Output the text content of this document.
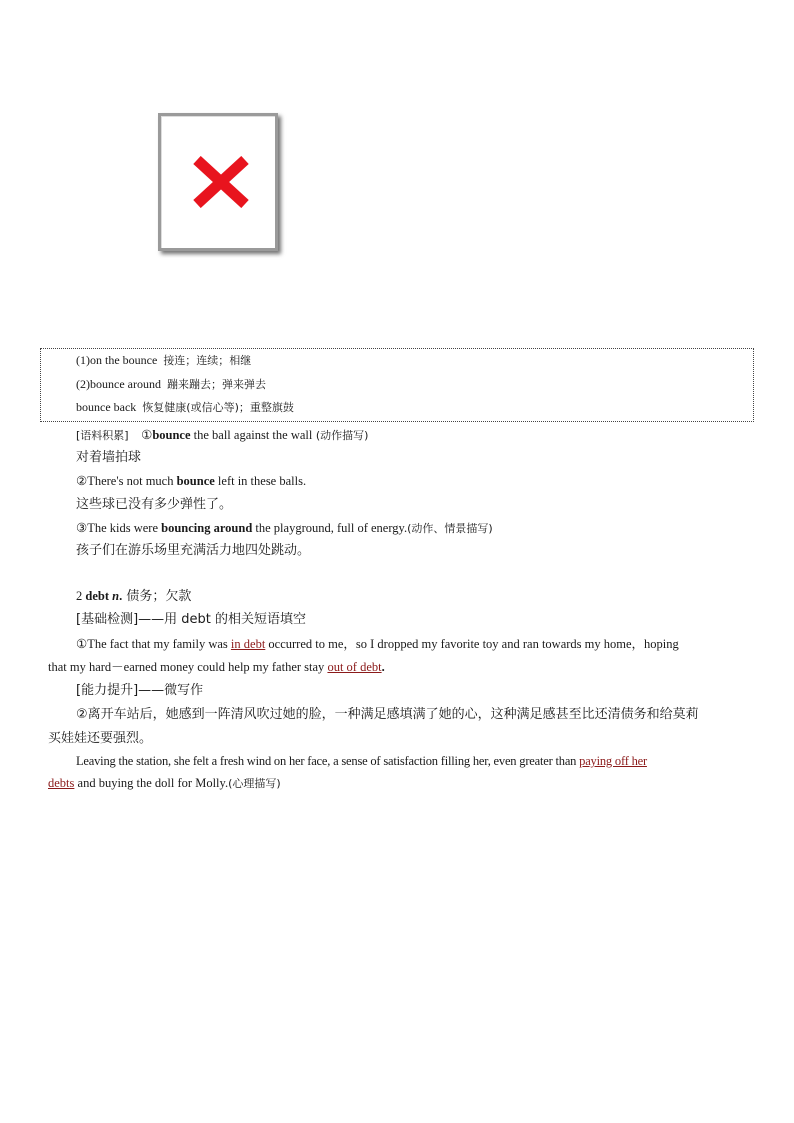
(1)on the bounce 接连；连续；相继
(2)bounce around 蹦来蹦去；弹来弹去
bounce back 恢复健康(或信心等)；重整旗鼓
[语料积累] ①bounce the ball against the wall (动作描写)
对着墙拍球
②There's not much bounce left in these balls.
这些球已没有多少弹性了。
③The kids were bouncing around the playground, full of energy.(动作、情景描写)
孩子们在游乐场里充满活力地四处跳动。
2 debt n. 债务；欠款
[基础检测]——用 debt 的相关短语填空
①The fact that my family was in debt occurred to me，so I dropped my favorite toy and ran towards my home，hoping
that my hard－earned money could help my father stay out of debt.
[能力提升]——微写作
②离开车站后，她感到一阵清风吹过她的脸，一种满足感填满了她的心，这种满足感甚至比还清债务和给莫莉
买娃娃还要强烈。
Leaving the station, she felt a fresh wind on her face, a sense of satisfaction filling her, even greater than paying off her
debts and buying the doll for Molly.(心理描写)
